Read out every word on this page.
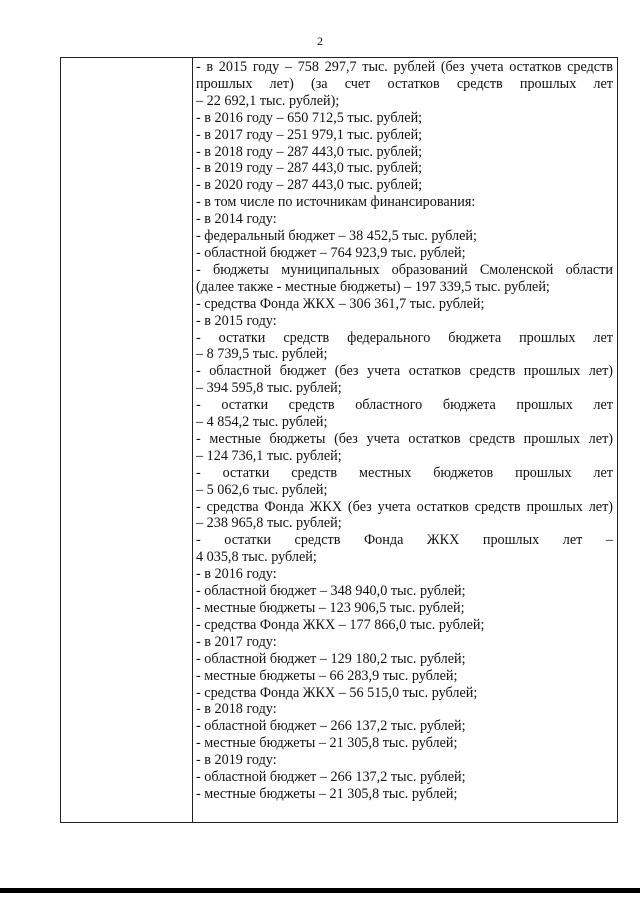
2
- в 2015 году – 758 297,7 тыс. рублей (без учета остатков средств
прошлых лет) (за счет остатков средств прошлых лет
– 22 692,1 тыс. рублей);
- в 2016 году – 650 712,5 тыс. рублей;
- в 2017 году – 251 979,1 тыс. рублей;
- в 2018 году – 287 443,0 тыс. рублей;
- в 2019 году – 287 443,0 тыс. рублей;
- в 2020 году – 287 443,0 тыс. рублей;
- в том числе по источникам финансирования:
- в 2014 году:
- федеральный бюджет – 38 452,5 тыс. рублей;
- областной бюджет – 764 923,9 тыс. рублей;
- бюджеты муниципальных образований Смоленской области
(далее также - местные бюджеты) – 197 339,5 тыс. рублей;
- средства Фонда ЖКХ – 306 361,7 тыс. рублей;
- в 2015 году:
- остатки средств федерального бюджета прошлых лет
– 8 739,5 тыс. рублей;
- областной бюджет (без учета остатков средств прошлых лет)
– 394 595,8 тыс. рублей;
- остатки средств областного бюджета прошлых лет
– 4 854,2 тыс. рублей;
- местные бюджеты (без учета остатков средств прошлых лет)
– 124 736,1 тыс. рублей;
- остатки средств местных бюджетов прошлых лет
– 5 062,6 тыс. рублей;
- средства Фонда ЖКХ (без учета остатков средств прошлых лет)
– 238 965,8 тыс. рублей;
- остатки средств Фонда ЖКХ прошлых лет –
4 035,8 тыс. рублей;
- в 2016 году:
- областной бюджет – 348 940,0 тыс. рублей;
- местные бюджеты – 123 906,5 тыс. рублей;
- средства Фонда ЖКХ – 177 866,0 тыс. рублей;
- в 2017 году:
- областной бюджет – 129 180,2 тыс. рублей;
- местные бюджеты – 66 283,9 тыс. рублей;
- средства Фонда ЖКХ – 56 515,0 тыс. рублей;
- в 2018 году:
- областной бюджет – 266 137,2 тыс. рублей;
- местные бюджеты – 21 305,8 тыс. рублей;
- в 2019 году:
- областной бюджет – 266 137,2 тыс. рублей;
- местные бюджеты – 21 305,8 тыс. рублей;
